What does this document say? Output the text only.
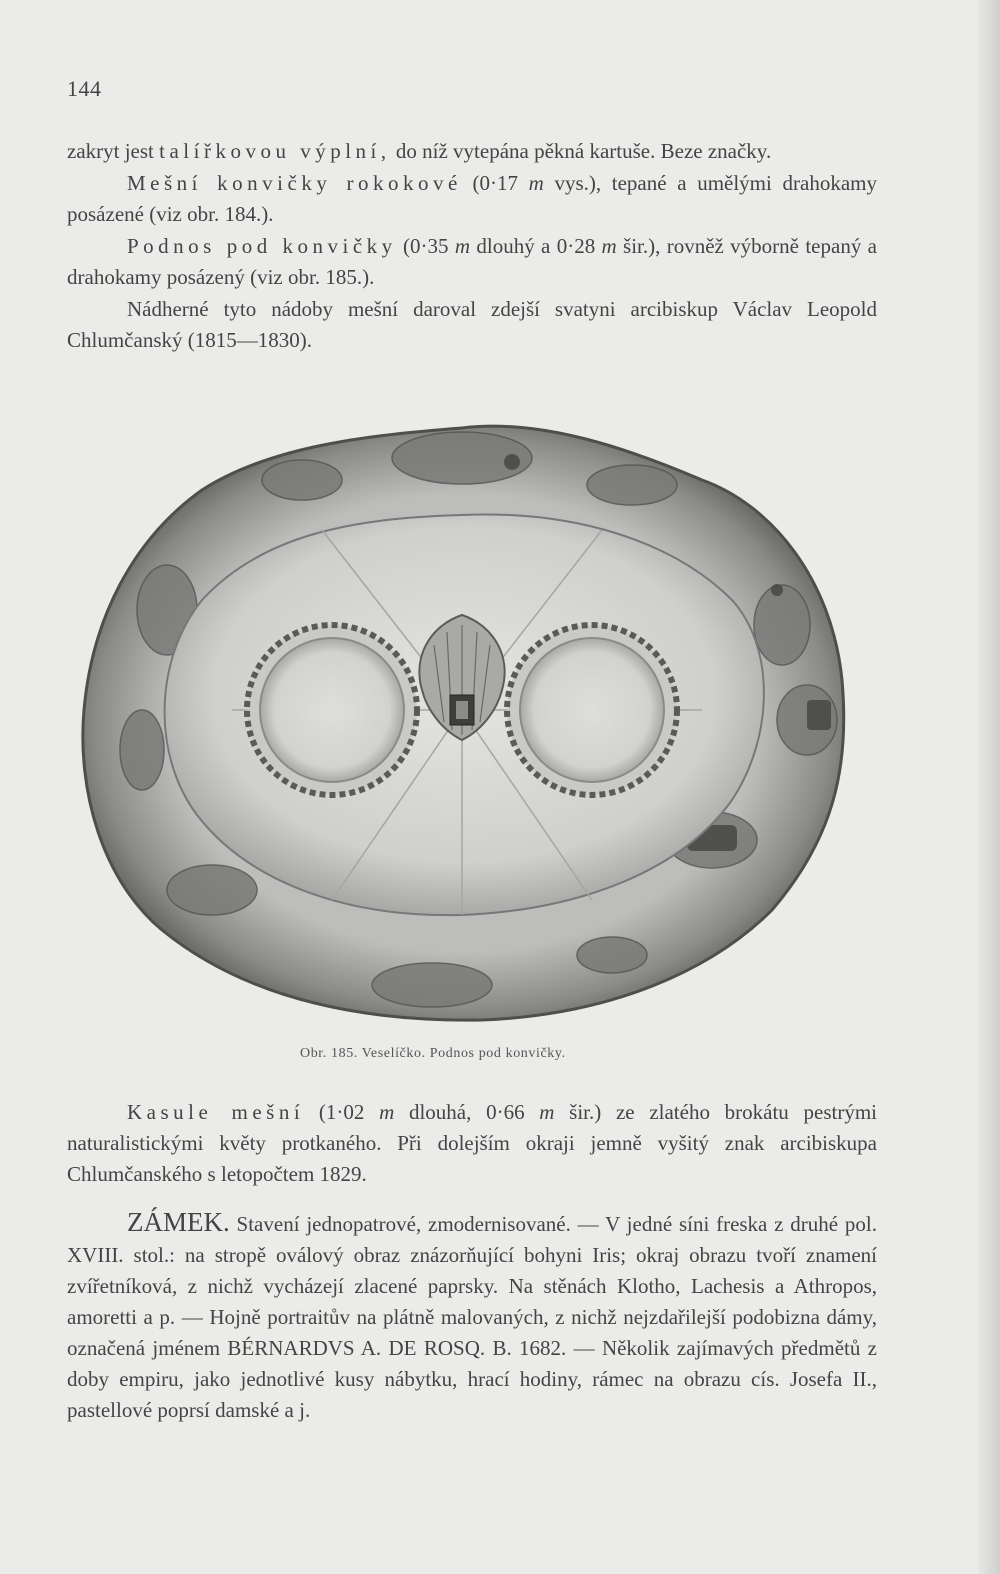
144

zakryt jest talířkovou výplní, do níž vytepána pěkná kartuše. Beze značky.

Mešní konvičky rokokové (0·17 m vys.), tepané a umělými drahokamy posázené (viz obr. 184.).

Podnos pod konvičky (0·35 m dlouhý a 0·28 m šir.), rovněž výborně tepaný a drahokamy posázený (viz obr. 185.).

Nádherné tyto nádoby mešní daroval zdejší svatyni arcibiskup Václav Leopold Chlumčanský (1815—1830).

Obr. 185. Veselíčko. Podnos pod konvičky.

Kasule mešní (1·02 m dlouhá, 0·66 m šir.) ze zlatého brokátu pestrými naturalistickými květy protkaného. Při dolejším okraji jemně vyšitý znak arcibiskupa Chlumčanského s letopočtem 1829.

ZÁMEK. Stavení jednopatrové, zmodernisované. — V jedné síni freska z druhé pol. XVIII. stol.: na stropě oválový obraz znázorňující bohyni Iris; okraj obrazu tvoří znamení zvířetníková, z nichž vycházejí zlacené paprsky. Na stěnách Klotho, Lachesis a Athropos, amoretti a p. — Hojně portraitův na plátně malovaných, z nichž nejzdařilejší podobizna dámy, označená jménem BÉRNARDVS A. DE ROSQ. B. 1682. — Několik zajímavých předmětů z doby empiru, jako jednotlivé kusy nábytku, hrací hodiny, rámec na obrazu cís. Josefa II., pastellové poprsí damské a j.
